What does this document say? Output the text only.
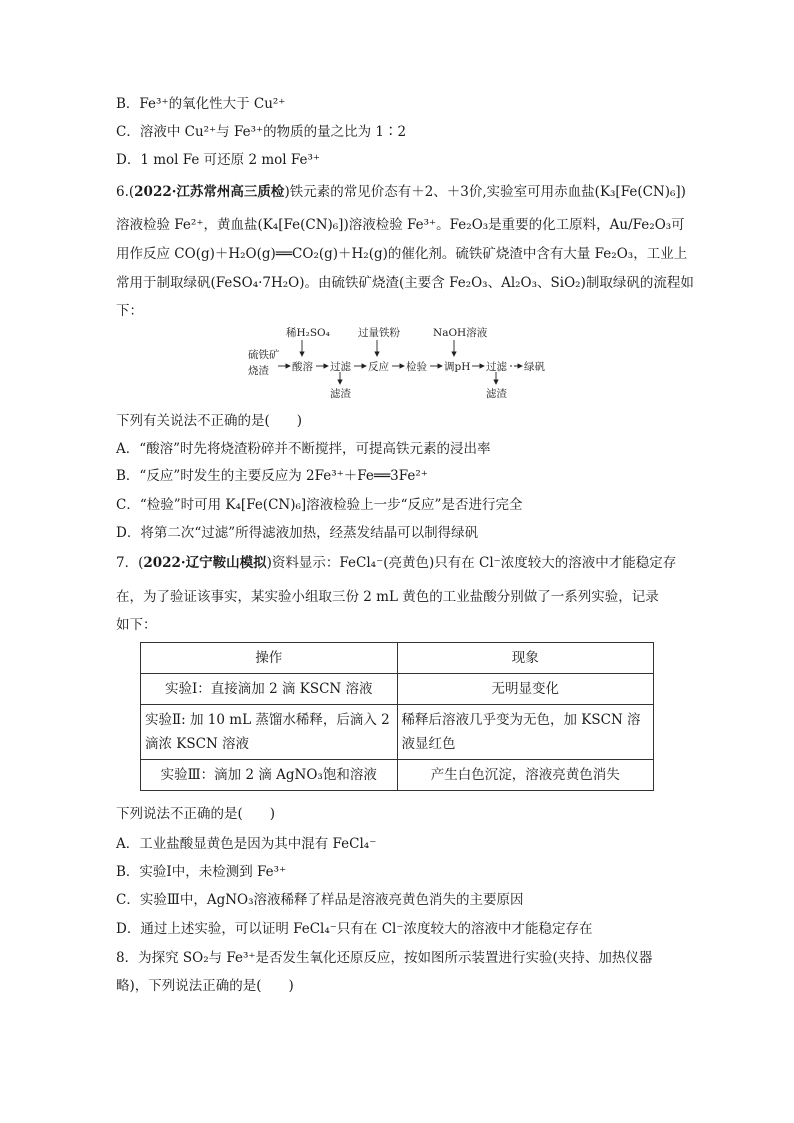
B．Fe³⁺的氧化性大于 Cu²⁺
C．溶液中 Cu²⁺与 Fe³⁺的物质的量之比为 1∶2
D．1 mol Fe 可还原 2 mol Fe³⁺
6.(2022·江苏常州高三质检)铁元素的常见价态有＋2、＋3价,实验室可用赤血盐(K₃[Fe(CN)₆])
溶液检验 Fe²⁺，黄血盐(K₄[Fe(CN)₆])溶液检验 Fe³⁺。Fe₂O₃是重要的化工原料，Au/Fe₂O₃可
用作反应 CO(g)＋H₂O(g)══CO₂(g)＋H₂(g)的催化剂。硫铁矿烧渣中含有大量 Fe₂O₃，工业上
常用于制取绿矾(FeSO₄·7H₂O)。由硫铁矿烧渣(主要含 Fe₂O₃、Al₂O₃、SiO₂)制取绿矾的流程如
下：
硫铁矿
烧渣
稀H₂SO₄	过量铁粉	NaOH溶液
酸溶 过滤 反应 检验 调pH 过滤 绿矾
滤渣	滤渣
下列有关说法不正确的是(　　)
A．“酸溶”时先将烧渣粉碎并不断搅拌，可提高铁元素的浸出率
B．“反应”时发生的主要反应为 2Fe³⁺＋Fe══3Fe²⁺
C．“检验”时可用 K₄[Fe(CN)₆]溶液检验上一步“反应”是否进行完全
D．将第二次“过滤”所得滤液加热，经蒸发结晶可以制得绿矾
7．(2022·辽宁鞍山模拟)资料显示：FeCl₄⁻(亮黄色)只有在 Cl⁻浓度较大的溶液中才能稳定存
在，为了验证该事实，某实验小组取三份 2 mL 黄色的工业盐酸分别做了一系列实验，记录
如下：
操作	现象
实验Ⅰ：直接滴加 2 滴 KSCN 溶液	无明显变化
实验Ⅱ: 加 10 mL 蒸馏水稀释，后滴入 2 滴浓 KSCN 溶液	稀释后溶液几乎变为无色，加 KSCN 溶液显红色
实验Ⅲ：滴加 2 滴 AgNO₃饱和溶液	产生白色沉淀，溶液亮黄色消失
下列说法不正确的是(　　)
A．工业盐酸显黄色是因为其中混有 FeCl₄⁻
B．实验Ⅰ中，未检测到 Fe³⁺
C．实验Ⅲ中，AgNO₃溶液稀释了样品是溶液亮黄色消失的主要原因
D．通过上述实验，可以证明 FeCl₄⁻只有在 Cl⁻浓度较大的溶液中才能稳定存在
8．为探究 SO₂与 Fe³⁺是否发生氧化还原反应，按如图所示装置进行实验(夹持、加热仪器
略)，下列说法正确的是(　　)
